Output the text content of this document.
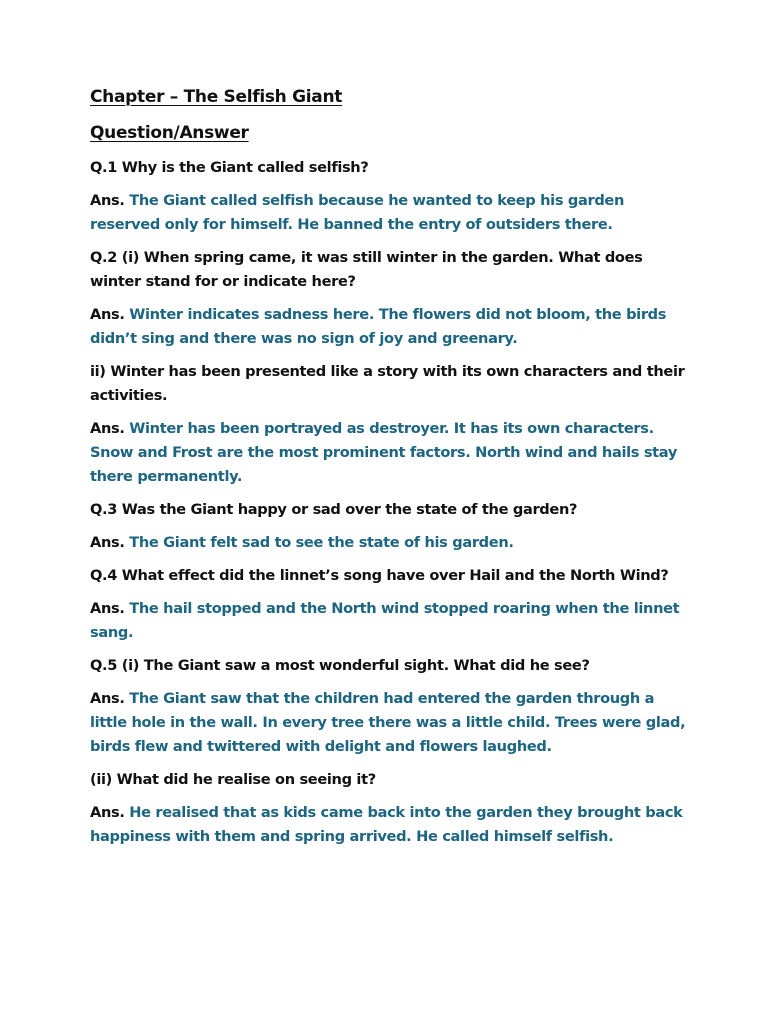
Chapter – The Selfish Giant

Question/Answer

Q.1 Why is the Giant called selfish?

Ans. The Giant called selfish because he wanted to keep his garden reserved only for himself. He banned the entry of outsiders there.

Q.2 (i) When spring came, it was still winter in the garden. What does winter stand for or indicate here?

Ans. Winter indicates sadness here. The flowers did not bloom, the birds didn’t sing and there was no sign of joy and greenary.

ii) Winter has been presented like a story with its own characters and their activities.

Ans. Winter has been portrayed as destroyer. It has its own characters. Snow and Frost are the most prominent factors. North wind and hails stay there permanently.

Q.3 Was the Giant happy or sad over the state of the garden?

Ans. The Giant felt sad to see the state of his garden.

Q.4 What effect did the linnet’s song have over Hail and the North Wind?

Ans. The hail stopped and the North wind stopped roaring when the linnet sang.

Q.5 (i) The Giant saw a most wonderful sight. What did he see?

Ans. The Giant saw that the children had entered the garden through a little hole in the wall. In every tree there was a little child. Trees were glad, birds flew and twittered with delight and flowers laughed.

(ii) What did he realise on seeing it?

Ans. He realised that as kids came back into the garden they brought back happiness with them and spring arrived. He called himself selfish.
